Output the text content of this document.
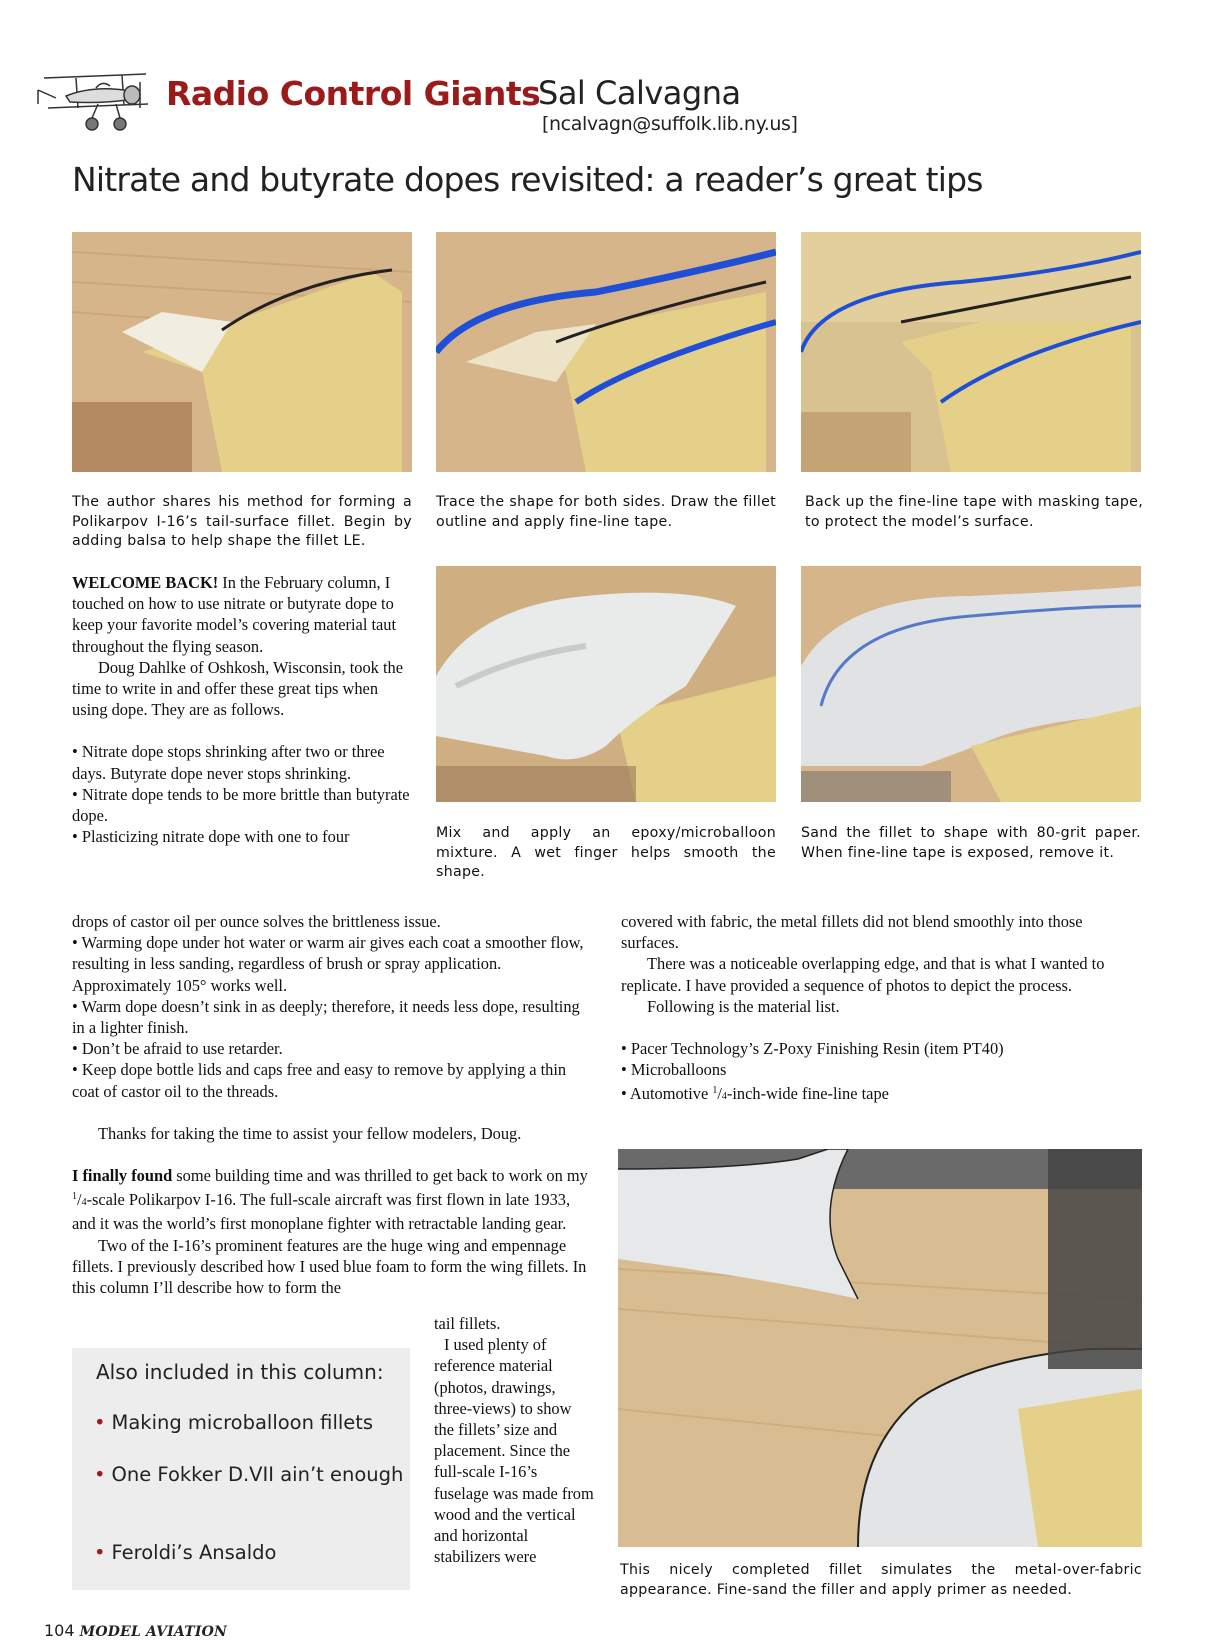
Radio Control Giants
Sal Calvagna
[ncalvagn@suffolk.lib.ny.us]
Nitrate and butyrate dopes revisited: a reader’s great tips
The author shares his method for forming a Polikarpov I-16’s tail-surface fillet. Begin by adding balsa to help shape the fillet LE.
Trace the shape for both sides. Draw the fillet outline and apply fine-line tape.
Back up the fine-line tape with masking tape, to protect the model’s surface.
Mix and apply an epoxy/microballoon mixture. A wet finger helps smooth the shape.
Sand the fillet to shape with 80-grit paper. When fine-line tape is exposed, remove it.

WELCOME BACK! In the February column, I touched on how to use nitrate or butyrate dope to keep your favorite model’s covering material taut throughout the flying season.

Doug Dahlke of Oshkosh, Wisconsin, took the time to write in and offer these great tips when using dope. They are as follows.

• Nitrate dope stops shrinking after two or three days. Butyrate dope never stops shrinking.

• Nitrate dope tends to be more brittle than butyrate dope.

• Plasticizing nitrate dope with one to four

drops of castor oil per ounce solves the brittleness issue.

• Warming dope under hot water or warm air gives each coat a smoother flow, resulting in less sanding, regardless of brush or spray application. Approximately 105° works well.

• Warm dope doesn’t sink in as deeply; therefore, it needs less dope, resulting in a lighter finish.

• Don’t be afraid to use retarder.

• Keep dope bottle lids and caps free and easy to remove by applying a thin coat of castor oil to the threads.

Thanks for taking the time to assist your fellow modelers, Doug.

I finally found some building time and was thrilled to get back to work on my $^1$/4-scale Polikarpov I-16. The full-scale aircraft was first flown in late 1933, and it was the world’s first monoplane fighter with retractable landing gear.

Two of the I-16’s prominent features are the huge wing and empennage fillets. I previously described how I used blue foam to form the wing fillets. In this column I’ll describe how to form the

tail fillets.

I used plenty of reference material (photos, drawings, three-views) to show the fillets’ size and placement. Since the full-scale I-16’s fuselage was made from wood and the vertical and horizontal stabilizers were

covered with fabric, the metal fillets did not blend smoothly into those surfaces.

There was a noticeable overlapping edge, and that is what I wanted to replicate. I have provided a sequence of photos to depict the process.

Following is the material list.

• Pacer Technology’s Z-Poxy Finishing Resin (item PT40)

• Microballoons

• Automotive $^1$/4-inch-wide fine-line tape

This nicely completed fillet simulates the metal-over-fabric appearance. Fine-sand the filler and apply primer as needed.
Also included in this column:
• Making microballoon fillets
• One Fokker D.VII ain’t enough
• Feroldi’s Ansaldo
104 MODEL AVIATION
